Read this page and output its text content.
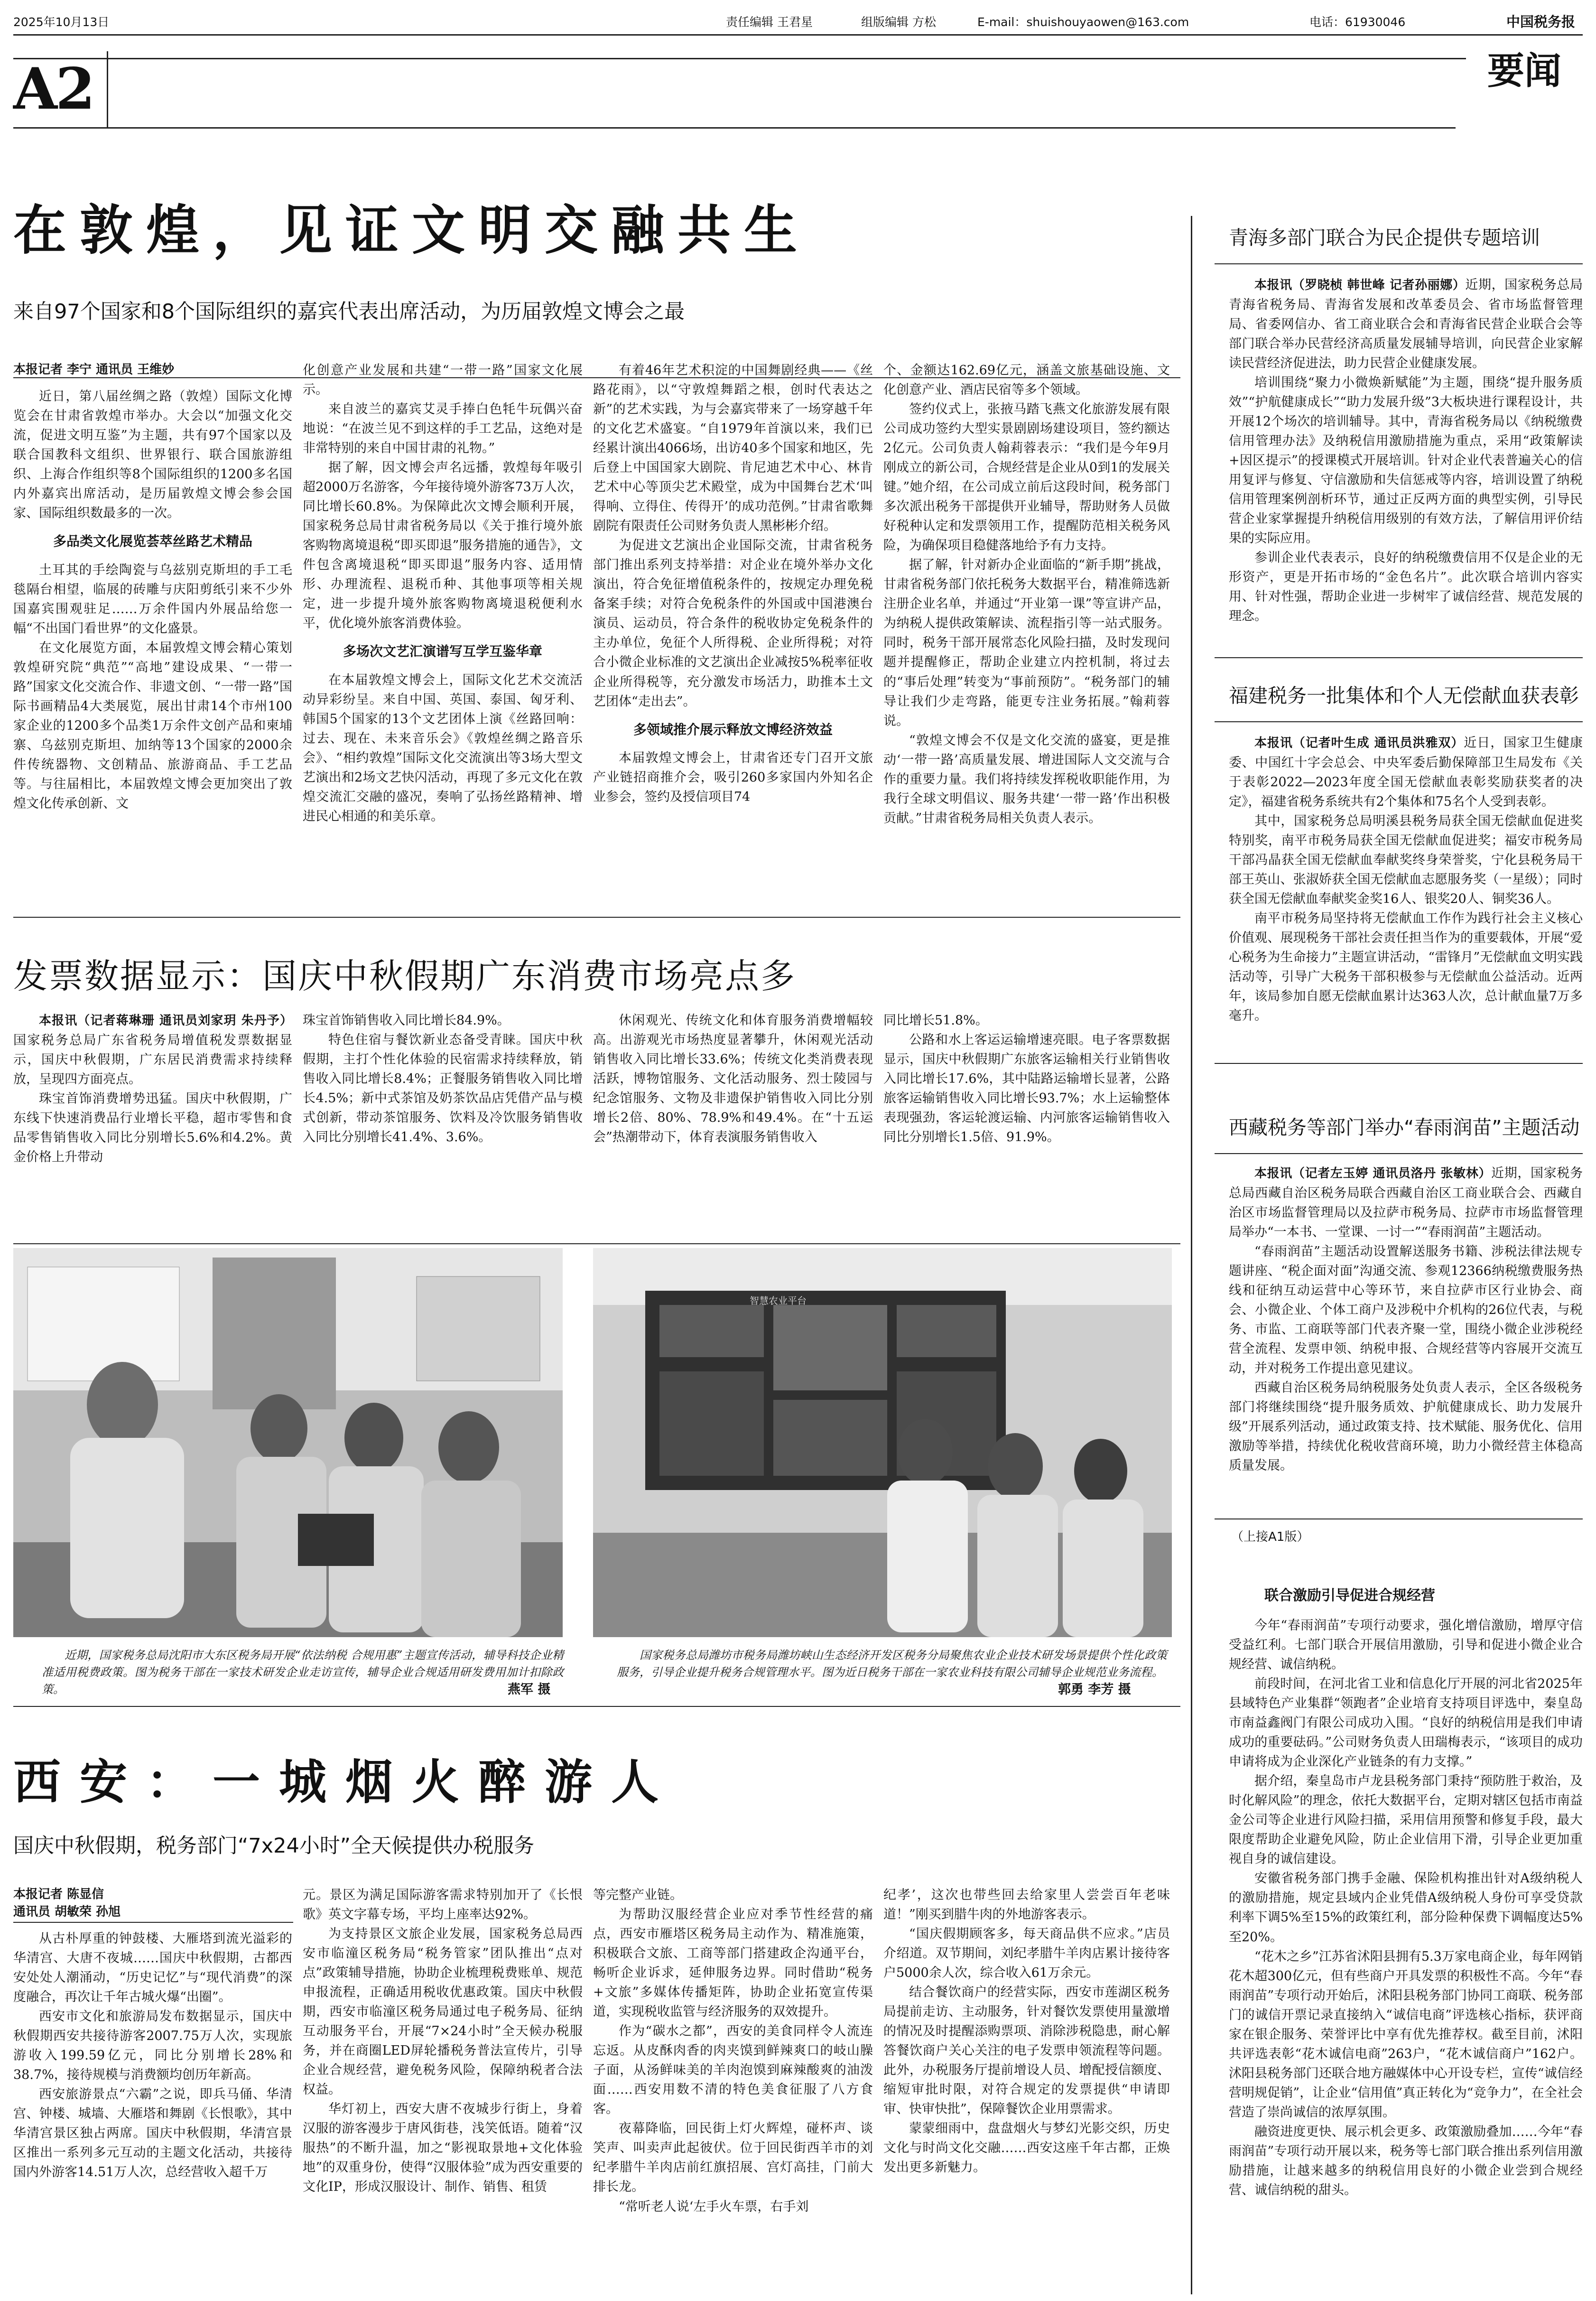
2025年10月13日	责任编辑 王君星	组版编辑 方松	E-mail：shuishouyaowen@163.com	电话：61930046	中国税务报
A2	要闻
在敦煌，见证文明交融共生
来自97个国家和8个国际组织的嘉宾代表出席活动，为历届敦煌文博会之最
本报记者 李宁 通讯员 王维妙

近日，第八届丝绸之路（敦煌）国际文化博览会在甘肃省敦煌市举办。大会以“加强文化交流，促进文明互鉴”为主题，共有97个国家以及联合国教科文组织、世界银行、联合国旅游组织、上海合作组织等8个国际组织的1200多名国内外嘉宾出席活动，是历届敦煌文博会参会国家、国际组织数最多的一次。

多品类文化展览荟萃丝路艺术精品

土耳其的手绘陶瓷与乌兹别克斯坦的手工毛毯隔台相望，临展的砖雕与庆阳剪纸引来不少外国嘉宾围观驻足……万余件国内外展品给您一幅“不出国门看世界”的文化盛景。

在文化展览方面，本届敦煌文博会精心策划敦煌研究院“典范”“高地”建设成果、“一带一路”国家文化交流合作、非遗文创、“一带一路”国际书画精品4大类展览，展出甘肃14个市州100家企业的1200多个品类1万余件文创产品和柬埔寨、乌兹别克斯坦、加纳等13个国家的2000余件传统器物、文创精品、旅游商品、手工艺品等。与往届相比，本届敦煌文博会更加突出了敦煌文化传承创新、文

化创意产业发展和共建“一带一路”国家文化展示。

来自波兰的嘉宾艾灵手捧白色牦牛玩偶兴奋地说：“在波兰见不到这样的手工艺品，这绝对是非常特别的来自中国甘肃的礼物。”

据了解，因文博会声名远播，敦煌每年吸引超2000万名游客，今年接待境外游客73万人次，同比增长60.8%。为保障此次文博会顺利开展，国家税务总局甘肃省税务局以《关于推行境外旅客购物离境退税“即买即退”服务措施的通告》，文件包含离境退税“即买即退”服务内容、适用情形、办理流程、退税币种、其他事项等相关规定，进一步提升境外旅客购物离境退税便利水平，优化境外旅客消费体验。

多场次文艺汇演谱写互学互鉴华章

在本届敦煌文博会上，国际文化艺术交流活动异彩纷呈。来自中国、英国、泰国、匈牙利、韩国5个国家的13个文艺团体上演《丝路回响：过去、现在、未来音乐会》《敦煌丝绸之路音乐会》、“相约敦煌”国际文化交流演出等3场大型文艺演出和2场文艺快闪活动，再现了多元文化在敦煌交流汇交融的盛况，奏响了弘扬丝路精神、增进民心相通的和美乐章。

有着46年艺术积淀的中国舞剧经典——《丝路花雨》，以“守敦煌舞蹈之根，创时代表达之新”的艺术实践，为与会嘉宾带来了一场穿越千年的文化艺术盛宴。“自1979年首演以来，我们已经累计演出4066场，出访40多个国家和地区，先后登上中国国家大剧院、肯尼迪艺术中心、林肯艺术中心等顶尖艺术殿堂，成为中国舞台艺术‘叫得响、立得住、传得开’的成功范例。”甘肃省歌舞剧院有限责任公司财务负责人黑彬彬介绍。

为促进文艺演出企业国际交流，甘肃省税务部门推出系列支持举措：对企业在境外举办文化演出，符合免征增值税条件的，按规定办理免税备案手续；对符合免税条件的外国或中国港澳台演员、运动员，符合条件的税收协定免税条件的主办单位，免征个人所得税、企业所得税；对符合小微企业标准的文艺演出企业减按5%税率征收企业所得税等，充分激发市场活力，助推本土文艺团体“走出去”。

多领域推介展示释放文博经济效益

本届敦煌文博会上，甘肃省还专门召开文旅产业链招商推介会，吸引260多家国内外知名企业参会，签约及授信项目74

个、金额达162.69亿元，涵盖文旅基础设施、文化创意产业、酒店民宿等多个领域。

签约仪式上，张掖马踏飞燕文化旅游发展有限公司成功签约大型实景剧剧场建设项目，签约额达2亿元。公司负责人翰莉蓉表示：“我们是今年9月刚成立的新公司，合规经营是企业从0到1的发展关键。”她介绍，在公司成立前后这段时间，税务部门多次派出税务干部提供开业辅导，帮助财务人员做好税种认定和发票领用工作，提醒防范相关税务风险，为确保项目稳健落地给予有力支持。

据了解，针对新办企业面临的“新手期”挑战，甘肃省税务部门依托税务大数据平台，精准筛选新注册企业名单，并通过“开业第一课”等宣讲产品，为纳税人提供政策解读、流程指引等一站式服务。同时，税务干部开展常态化风险扫描，及时发现问题并提醒修正，帮助企业建立内控机制，将过去的“事后处理”转变为“事前预防”。“税务部门的辅导让我们少走弯路，能更专注业务拓展。”翰莉蓉说。

“敦煌文博会不仅是文化交流的盛宴，更是推动‘一带一路’高质量发展、增进国际人文交流与合作的重要力量。我们将持续发挥税收职能作用，为我行全球文明倡议、服务共建‘一带一路’作出积极贡献。”甘肃省税务局相关负责人表示。

发票数据显示：国庆中秋假期广东消费市场亮点多

本报讯（记者蒋琳珊 通讯员刘家玥 朱丹予）国家税务总局广东省税务局增值税发票数据显示，国庆中秋假期，广东居民消费需求持续释放，呈现四方面亮点。

珠宝首饰消费增势迅猛。国庆中秋假期，广东线下快速消费品行业增长平稳，超市零售和食品零售销售收入同比分别增长5.6%和4.2%。黄金价格上升带动

珠宝首饰销售收入同比增长84.9%。

特色住宿与餐饮新业态备受青睐。国庆中秋假期，主打个性化体验的民宿需求持续释放，销售收入同比增长8.4%；正餐服务销售收入同比增长4.5%；新中式茶馆及奶茶饮品店凭借产品与模式创新，带动茶馆服务、饮料及冷饮服务销售收入同比分别增长41.4%、3.6%。

休闲观光、传统文化和体育服务消费增幅较高。出游观光市场热度显著攀升，休闲观光活动销售收入同比增长33.6%；传统文化类消费表现活跃，博物馆服务、文化活动服务、烈士陵园与纪念馆服务、文物及非遗保护销售收入同比分别增长2倍、80%、78.9%和49.4%。在“十五运会”热潮带动下，体育表演服务销售收入

同比增长51.8%。

公路和水上客运运输增速亮眼。电子客票数据显示，国庆中秋假期广东旅客运输相关行业销售收入同比增长17.6%，其中陆路运输增长显著，公路旅客运输销售收入同比增长93.7%；水上运输整体表现强劲，客运轮渡运输、内河旅客运输销售收入同比分别增长1.5倍、91.9%。

近期，国家税务总局沈阳市大东区税务局开展“依法纳税 合规用惠”主题宣传活动，辅导科技企业精准适用税费政策。图为税务干部在一家技术研发企业走访宣传，辅导企业合规适用研发费用加计扣除政策。	燕军 摄
智慧农业平台
国家税务总局潍坊市税务局潍坊峡山生态经济开发区税务分局聚焦农业企业技术研发场景提供个性化政策服务，引导企业提升税务合规管理水平。图为近日税务干部在一家农业科技有限公司辅导企业规范业务流程。
郭勇 李芳 摄
西安：一城烟火醉游人
国庆中秋假期，税务部门“7x24小时”全天候提供办税服务
本报记者 陈显信
通讯员 胡敏荣 孙旭

从古朴厚重的钟鼓楼、大雁塔到流光溢彩的华清宫、大唐不夜城……国庆中秋假期，古都西安处处人潮涌动，“历史记忆”与“现代消费”的深度融合，再次让千年古城火爆“出圈”。

西安市文化和旅游局发布数据显示，国庆中秋假期西安共接待游客2007.75万人次，实现旅游收入199.59亿元，同比分别增长28%和38.7%，接待规模与消费额均创历年新高。

西安旅游景点“六霸”之说，即兵马俑、华清宫、钟楼、城墙、大雁塔和舞剧《长恨歌》，其中华清宫景区独占两席。国庆中秋假期，华清宫景区推出一系列多元互动的主题文化活动，共接待国内外游客14.51万人次，总经营收入超千万

元。景区为满足国际游客需求特别加开了《长恨歌》英文字幕专场，平均上座率达92%。

为支持景区文旅企业发展，国家税务总局西安市临潼区税务局“税务管家”团队推出“点对点”政策辅导措施，协助企业梳理税费账单、规范申报流程，正确适用税收优惠政策。国庆中秋假期，西安市临潼区税务局通过电子税务局、征纳互动服务平台，开展“7×24小时”全天候办税服务，并在商圈LED屏轮播税务普法宣传片，引导企业合规经营，避免税务风险，保障纳税者合法权益。

华灯初上，西安大唐不夜城步行街上，身着汉服的游客漫步于唐风街巷，浅笑低语。随着“汉服热”的不断升温，加之“影视取景地+文化体验地”的双重身份，使得“汉服体验”成为西安重要的文化IP，形成汉服设计、制作、销售、租赁

等完整产业链。

为帮助汉服经营企业应对季节性经营的痛点，西安市雁塔区税务局主动作为、精准施策，积极联合文旅、工商等部门搭建政企沟通平台，畅听企业诉求，延伸服务边界。同时借助“税务+文旅”多媒体传播矩阵，协助企业拓宽宣传渠道，实现税收监管与经济服务的双效提升。

作为“碳水之都”，西安的美食同样令人流连忘返。从皮酥肉香的肉夹馍到鲜辣爽口的岐山臊子面，从汤鲜味美的羊肉泡馍到麻辣酸爽的油泼面……西安用数不清的特色美食征服了八方食客。

夜幕降临，回民街上灯火辉煌，碰杯声、谈笑声、叫卖声此起彼伏。位于回民街西羊市的刘纪孝腊牛羊肉店前红旗招展、宫灯高挂，门前大排长龙。

“常听老人说‘左手火车票，右手刘

纪孝’，这次也带些回去给家里人尝尝百年老味道！”刚买到腊牛肉的外地游客表示。

“国庆假期顾客多，每天商品供不应求。”店员介绍道。双节期间，刘纪孝腊牛羊肉店累计接待客户5000余人次，综合收入61万余元。

结合餐饮商户的经营实际，西安市莲湖区税务局提前走访、主动服务，针对餐饮发票使用量激增的情况及时提醒添购票项、消除涉税隐患，耐心解答餐饮商户关心关注的电子发票申领流程等问题。此外，办税服务厅提前增设人员、增配授信额度、缩短审批时限，对符合规定的发票提供“申请即审、快审快批”，保障餐饮企业用票需求。

蒙蒙细雨中，盘盘烟火与梦幻光影交织，历史文化与时尚文化交融……西安这座千年古都，正焕发出更多新魅力。

青海多部门联合为民企提供专题培训

本报讯（罗晓桢 韩世峰 记者孙丽娜）近期，国家税务总局青海省税务局、青海省发展和改革委员会、省市场监督管理局、省委网信办、省工商业联合会和青海省民营企业联合会等部门联合举办民营经济高质量发展辅导培训，向民营企业家解读民营经济促进法，助力民营企业健康发展。

培训围绕“聚力小微焕新赋能”为主题，围绕“提升服务质效”“护航健康成长”“助力发展升级”3大板块进行课程设计，共开展12个场次的培训辅导。其中，青海省税务局以《纳税缴费信用管理办法》及纳税信用激励措施为重点，采用“政策解读+因区提示”的授课模式开展培训。针对企业代表普遍关心的信用复评与修复、守信激励和失信惩戒等内容，培训设置了纳税信用管理案例剖析环节，通过正反两方面的典型实例，引导民营企业家掌握提升纳税信用级别的有效方法，了解信用评价结果的实际应用。

参训企业代表表示，良好的纳税缴费信用不仅是企业的无形资产，更是开拓市场的“金色名片”。此次联合培训内容实用、针对性强，帮助企业进一步树牢了诚信经营、规范发展的理念。

福建税务一批集体和个人无偿献血获表彰

本报讯（记者叶生成 通讯员洪雅双）近日，国家卫生健康委、中国红十字会总会、中央军委后勤保障部卫生局发布《关于表彰2022—2023年度全国无偿献血表彰奖励获奖者的决定》，福建省税务系统共有2个集体和75名个人受到表彰。

其中，国家税务总局明溪县税务局获全国无偿献血促进奖特别奖，南平市税务局获全国无偿献血促进奖；福安市税务局干部冯晶获全国无偿献血奉献奖终身荣誉奖，宁化县税务局干部王英山、张淑娇获全国无偿献血志愿服务奖（一星级）；同时获全国无偿献血奉献奖金奖16人、银奖20人、铜奖36人。

南平市税务局坚持将无偿献血工作作为践行社会主义核心价值观、展现税务干部社会责任担当作为的重要载体，开展“爱心税务为生命接力”主题宣讲活动，“雷锋月”无偿献血文明实践活动等，引导广大税务干部积极参与无偿献血公益活动。近两年，该局参加自愿无偿献血累计达363人次，总计献血量7万多毫升。

西藏税务等部门举办“春雨润苗”主题活动

本报讯（记者左玉婷 通讯员洛丹 张敏林）近期，国家税务总局西藏自治区税务局联合西藏自治区工商业联合会、西藏自治区市场监督管理局以及拉萨市税务局、拉萨市市场监督管理局举办“一本书、一堂课、一讨一”“春雨润苗”主题活动。

“春雨润苗”主题活动设置解送服务书籍、涉税法律法规专题讲座、“税企面对面”沟通交流、参观12366纳税缴费服务热线和征纳互动运营中心等环节，来自拉萨市区行业协会、商会、小微企业、个体工商户及涉税中介机构的26位代表，与税务、市监、工商联等部门代表齐聚一堂，围绕小微企业涉税经营全流程、发票申领、纳税申报、合规经营等内容展开交流互动，并对税务工作提出意见建议。

西藏自治区税务局纳税服务处负责人表示，全区各级税务部门将继续围绕“提升服务质效、护航健康成长、助力发展升级”开展系列活动，通过政策支持、技术赋能、服务优化、信用激励等举措，持续优化税收营商环境，助力小微经营主体稳高质量发展。

（上接A1版）
联合激励引导促进合规经营

今年“春雨润苗”专项行动要求，强化增信激励，增厚守信受益红利。七部门联合开展信用激励，引导和促进小微企业合规经营、诚信纳税。

前段时间，在河北省工业和信息化厅开展的河北省2025年县域特色产业集群“领跑者”企业培育支持项目评选中，秦皇岛市南益鑫阀门有限公司成功入围。“良好的纳税信用是我们申请成功的重要砝码。”公司财务负责人田瑞梅表示，“该项目的成功申请将成为企业深化产业链条的有力支撑。”

据介绍，秦皇岛市卢龙县税务部门秉持“预防胜于救治，及时化解风险”的理念，依托大数据平台，定期对辖区包括市南益金公司等企业进行风险扫描，采用信用预警和修复手段，最大限度帮助企业避免风险，防止企业信用下滑，引导企业更加重视自身的诚信建设。

安徽省税务部门携手金融、保险机构推出针对A级纳税人的激励措施，规定县域内企业凭借A级纳税人身份可享受贷款利率下调5%至15%的政策红利，部分险种保费下调幅度达5%至20%。

“花木之乡”江苏省沭阳县拥有5.3万家电商企业，每年网销花木超300亿元，但有些商户开具发票的积极性不高。今年“春雨润苗”专项行动开始后，沭阳县税务部门协同工商联、税务部门的诚信开票记录直接纳入“诚信电商”评选核心指标，获评商家在银企服务、荣誉评比中享有优先推荐权。截至目前，沭阳共评选表彰“花木诚信电商”263户，“花木诚信商户”162户。沭阳县税务部门还联合地方融媒体中心开设专栏，宣传“诚信经营明规促销”，让企业“信用值”真正转化为“竞争力”，在全社会营造了崇尚诚信的浓厚氛围。

融资进度更快、展示机会更多、政策激励叠加……今年“春雨润苗”专项行动开展以来，税务等七部门联合推出系列信用激励措施，让越来越多的纳税信用良好的小微企业尝到合规经营、诚信纳税的甜头。
